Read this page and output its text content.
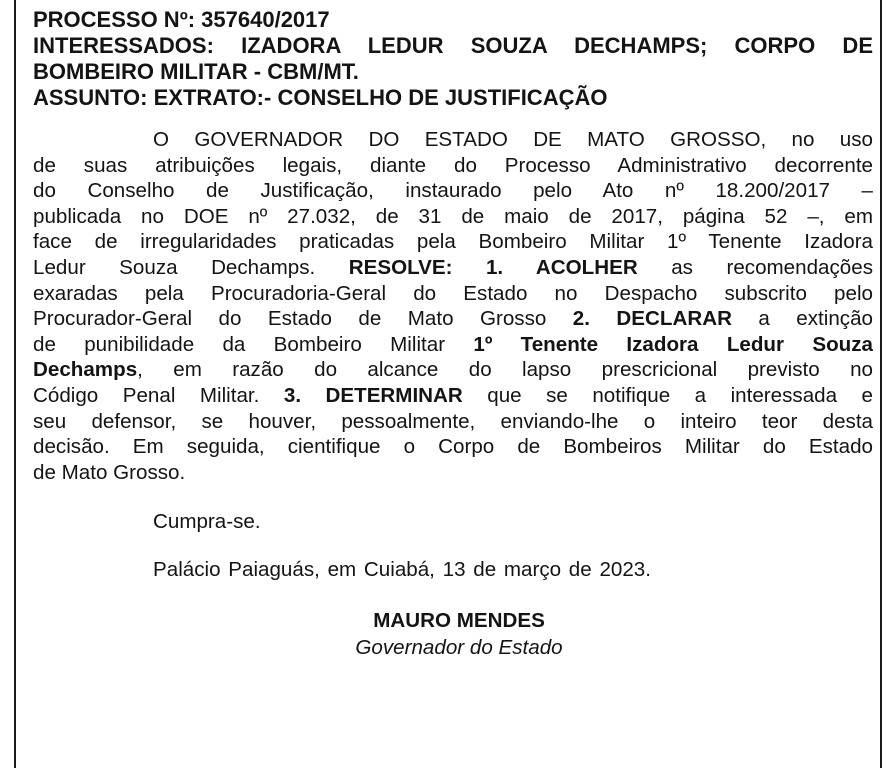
PROCESSO Nº: 357640/2017
INTERESSADOS: IZADORA LEDUR SOUZA DECHAMPS; CORPO DE
BOMBEIRO MILITAR - CBM/MT.
ASSUNTO: EXTRATO:- CONSELHO DE JUSTIFICAÇÃO
O GOVERNADOR DO ESTADO DE MATO GROSSO, no uso
de suas atribuições legais, diante do Processo Administrativo decorrente
do Conselho de Justificação, instaurado pelo Ato nº 18.200/2017 –
publicada no DOE nº 27.032, de 31 de maio de 2017, página 52 –, em
face de irregularidades praticadas pela Bombeiro Militar 1º Tenente Izadora
Ledur Souza Dechamps. RESOLVE: 1. ACOLHER as recomendações
exaradas pela Procuradoria-Geral do Estado no Despacho subscrito pelo
Procurador-Geral do Estado de Mato Grosso 2. DECLARAR a extinção
de punibilidade da Bombeiro Militar 1º Tenente Izadora Ledur Souza
Dechamps, em razão do alcance do lapso prescricional previsto no
Código Penal Militar. 3. DETERMINAR que se notifique a interessada e
seu defensor, se houver, pessoalmente, enviando-lhe o inteiro teor desta
decisão. Em seguida, cientifique o Corpo de Bombeiros Militar do Estado
de Mato Grosso.
Cumpra-se.
Palácio Paiaguás, em Cuiabá, 13 de março de 2023.
MAURO MENDES
Governador do Estado
